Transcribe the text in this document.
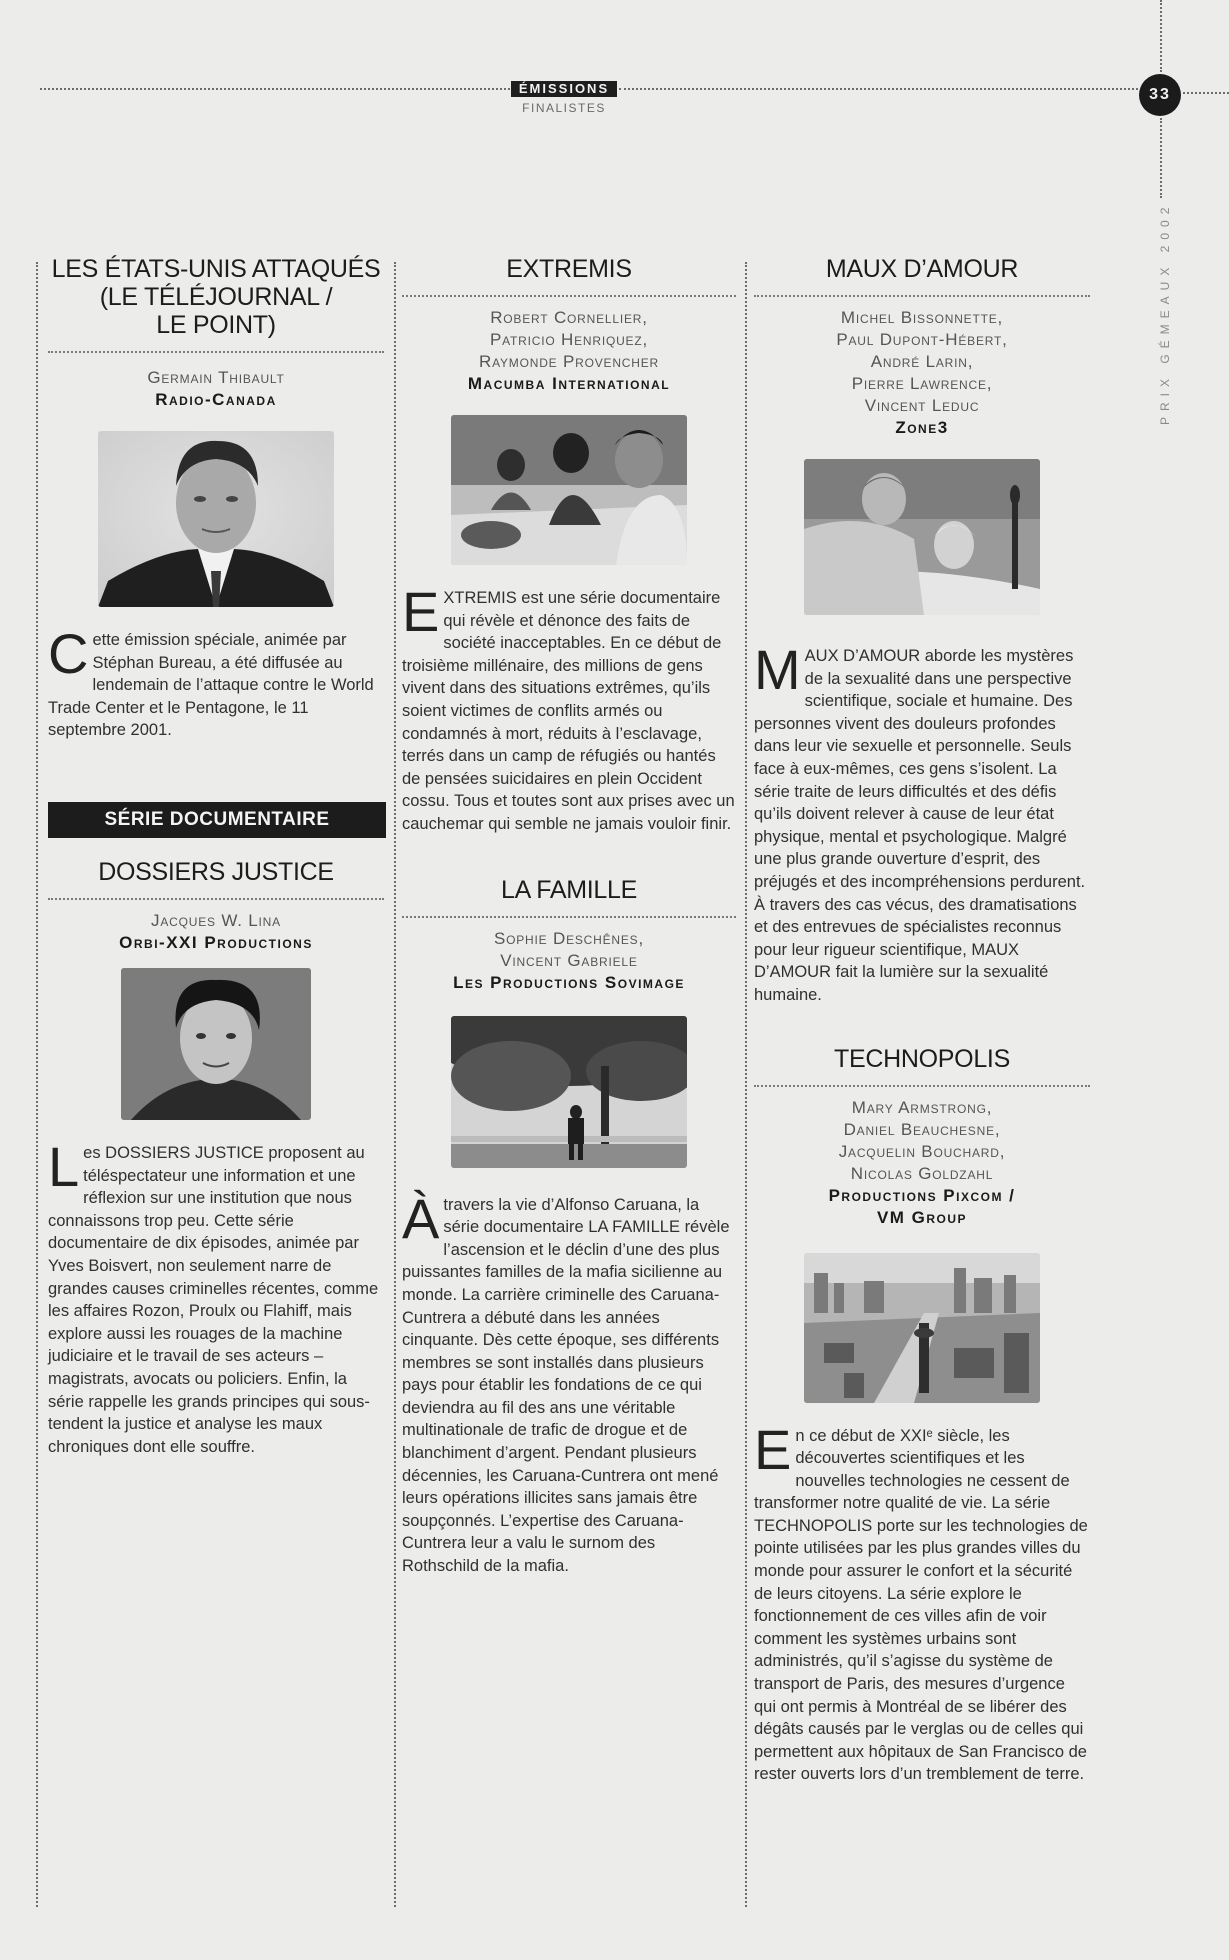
ÉMISSIONS
FINALISTES
33
PRIX GÉMEAUX 2002
LES ÉTATS-UNIS ATTAQUÉS
(LE TÉLÉJOURNAL /
LE POINT)
Germain Thibault
Radio-Canada

Cette émission spéciale, animée par Stéphan Bureau, a été diffusée au lendemain de l’attaque contre le World Trade Center et le Pentagone, le 11 septembre 2001.

SÉRIE DOCUMENTAIRE
DOSSIERS JUSTICE
Jacques W. Lina
Orbi-XXI Productions

Les DOSSIERS JUSTICE proposent au téléspectateur une information et une réflexion sur une institution que nous connaissons trop peu. Cette série documentaire de dix épisodes, animée par Yves Boisvert, non seulement narre de grandes causes criminelles récentes, comme les affaires Rozon, Proulx ou Flahiff, mais explore aussi les rouages de la machine judiciaire et le travail de ses acteurs – magistrats, avocats ou policiers. Enfin, la série rappelle les grands principes qui sous-tendent la justice et analyse les maux chroniques dont elle souffre.

EXTREMIS
Robert Cornellier,
Patricio Henriquez,
Raymonde Provencher
Macumba International

EXTREMIS est une série documentaire qui révèle et dénonce des faits de société inacceptables. En ce début de troisième millénaire, des millions de gens vivent dans des situations extrêmes, qu’ils soient victimes de conflits armés ou condamnés à mort, réduits à l’esclavage, terrés dans un camp de réfugiés ou hantés de pensées suicidaires en plein Occident cossu. Tous et toutes sont aux prises avec un cauchemar qui semble ne jamais vouloir finir.

LA FAMILLE
Sophie Deschênes,
Vincent Gabriele
Les Productions Sovimage

Àtravers la vie d’Alfonso Caruana, la série documentaire LA FAMILLE révèle l’ascension et le déclin d’une des plus puissantes familles de la mafia sicilienne au monde. La carrière criminelle des Caruana-Cuntrera a débuté dans les années cinquante. Dès cette époque, ses différents membres se sont installés dans plusieurs pays pour établir les fondations de ce qui deviendra au fil des ans une véritable multinationale de trafic de drogue et de blanchiment d’argent. Pendant plusieurs décennies, les Caruana-Cuntrera ont mené leurs opérations illicites sans jamais être soupçonnés. L’expertise des Caruana-Cuntrera leur a valu le surnom des Rothschild de la mafia.

MAUX D’AMOUR
Michel Bissonnette,
Paul Dupont-Hébert,
André Larin,
Pierre Lawrence,
Vincent Leduc
Zone3

MAUX D’AMOUR aborde les mystères de la sexualité dans une perspective scientifique, sociale et humaine. Des personnes vivent des douleurs profondes dans leur vie sexuelle et personnelle. Seuls face à eux-mêmes, ces gens s’isolent. La série traite de leurs difficultés et des défis qu’ils doivent relever à cause de leur état physique, mental et psychologique. Malgré une plus grande ouverture d’esprit, des préjugés et des incompréhensions perdurent. À travers des cas vécus, des dramatisations et des entrevues de spécialistes reconnus pour leur rigueur scientifique, MAUX D’AMOUR fait la lumière sur la sexualité humaine.

TECHNOPOLIS
Mary Armstrong,
Daniel Beauchesne,
Jacquelin Bouchard,
Nicolas Goldzahl
Productions Pixcom /
VM Group

En ce début de XXIᵉ siècle, les découvertes scientifiques et les nouvelles technologies ne cessent de transformer notre qualité de vie. La série TECHNOPOLIS porte sur les technologies de pointe utilisées par les plus grandes villes du monde pour assurer le confort et la sécurité de leurs citoyens. La série explore le fonctionnement de ces villes afin de voir comment les systèmes urbains sont administrés, qu’il s’agisse du système de transport de Paris, des mesures d’urgence qui ont permis à Montréal de se libérer des dégâts causés par le verglas ou de celles qui permettent aux hôpitaux de San Francisco de rester ouverts lors d’un tremblement de terre.
